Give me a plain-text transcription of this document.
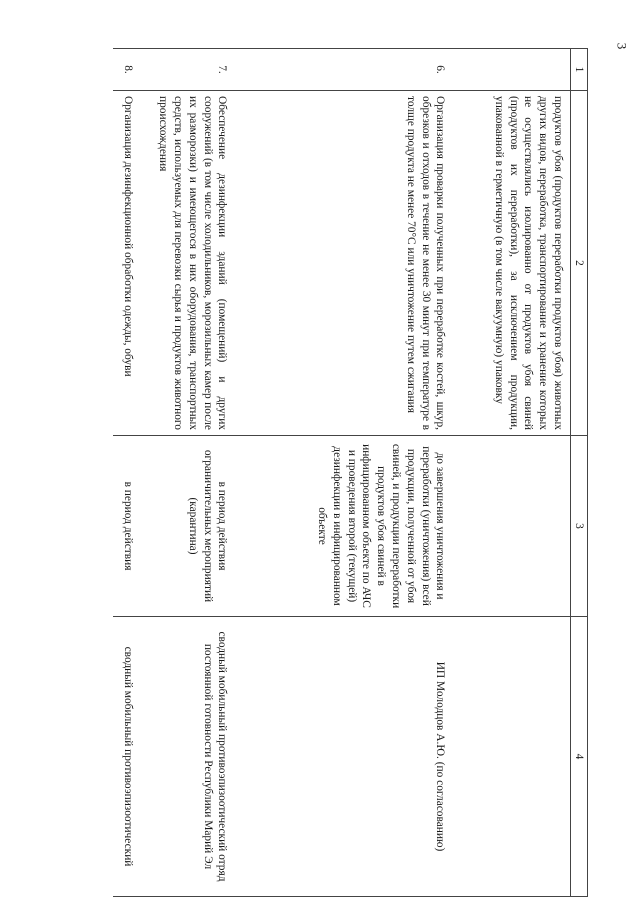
3
1	2	3	4
	продуктов убоя (продуктов переработки продуктов убоя) животных других видов, переработка, транспортирование и хранение которых не осуществлялись изолированно от продуктов убоя свиней (продуктов их переработки), за исключением продукции, упакованной в герметичную (в том числе вакуумную) упаковку		
6.	Организация проварки полученных при переработке костей, шкур, обрезков и отходов в течение не менее 30 минут при температуре в толще продукта не менее 70°С или уничтожение путем сжигания	до завершения уничтожения и переработки (уничтожения) всей продукции, полученной от убоя свиней, и продукции переработки продуктов убоя свиней в инфицированном объекте по АЧС и проведения второй (текущей) дезинфекции в инфицированном объекте	ИП Молодцов А.Ю. (по согласованию)
7.	Обеспечение дезинфекции зданий (помещений) и других сооружений (в том числе холодильников, морозильных камер после их разморозки) и имеющегося в них оборудования, транспортных средств, используемых для перевозки сырья и продуктов животного происхождения	в период действия ограничительных мероприятий (карантина)	сводный мобильный противоэпизоотический отряд постоянной готовности Республики Марий Эл
8.	Организация дезинфекционной обработки одежды, обуви	в период действия	сводный мобильный противоэпизоотический
